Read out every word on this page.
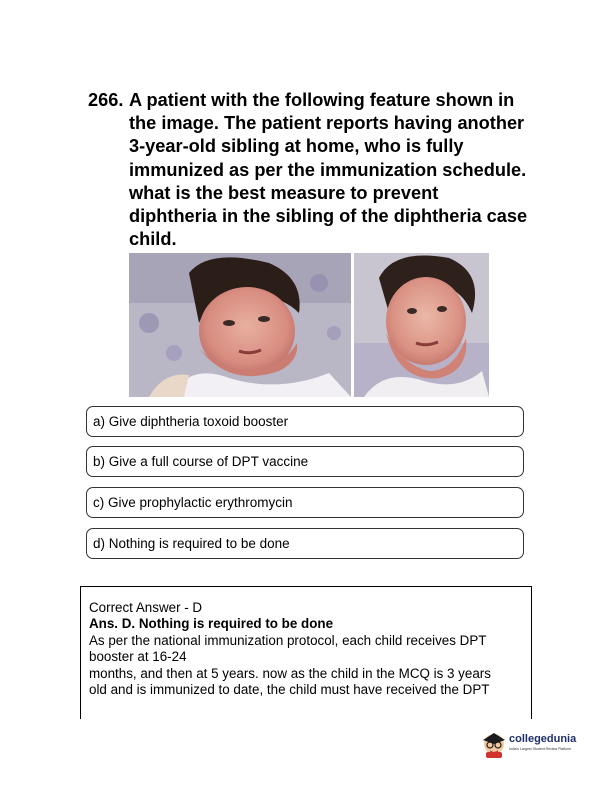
266. A patient with the following feature shown in the image. The patient reports having another 3-year-old sibling at home, who is fully immunized as per the immunization schedule. what is the best measure to prevent diphtheria in the sibling of the diphtheria case child.
a) Give diphtheria toxoid booster
b) Give a full course of DPT vaccine
c) Give prophylactic erythromycin
d) Nothing is required to be done

Correct Answer - D

Ans. D. Nothing is required to be done

As per the national immunization protocol, each child receives DPT

booster at 16-24

months, and then at 5 years. now as the child in the MCQ is 3 years

old and is immunized to date, the child must have received the DPT

collegedunia
India's Largest Student Review Platform
